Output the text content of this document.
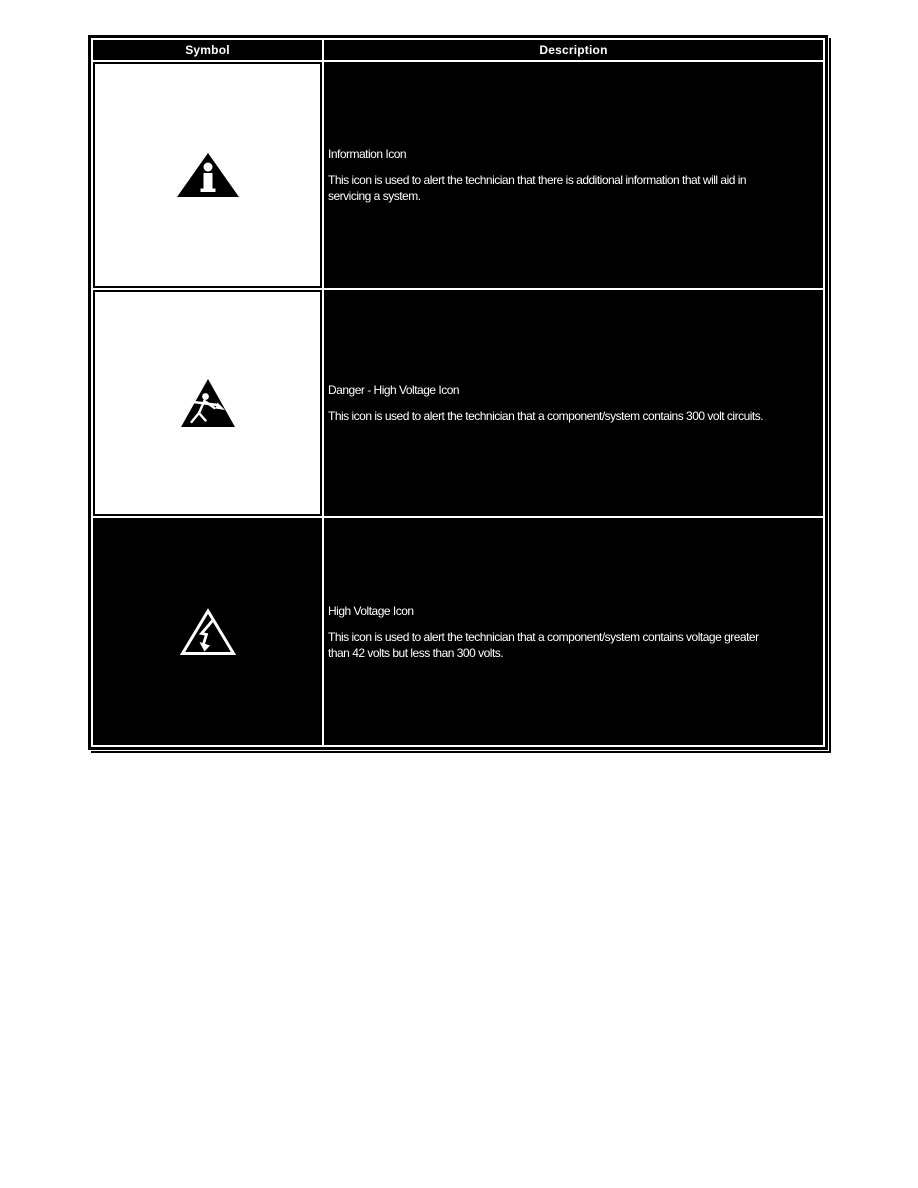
Symbol	Description

Information Icon

This icon is used to alert the technician that there is additional information that will aid in
servicing a system.

Danger - High Voltage Icon

This icon is used to alert the technician that a component/system contains 300 volt circuits.

High Voltage Icon

This icon is used to alert the technician that a component/system contains voltage greater
than 42 volts but less than 300 volts.
